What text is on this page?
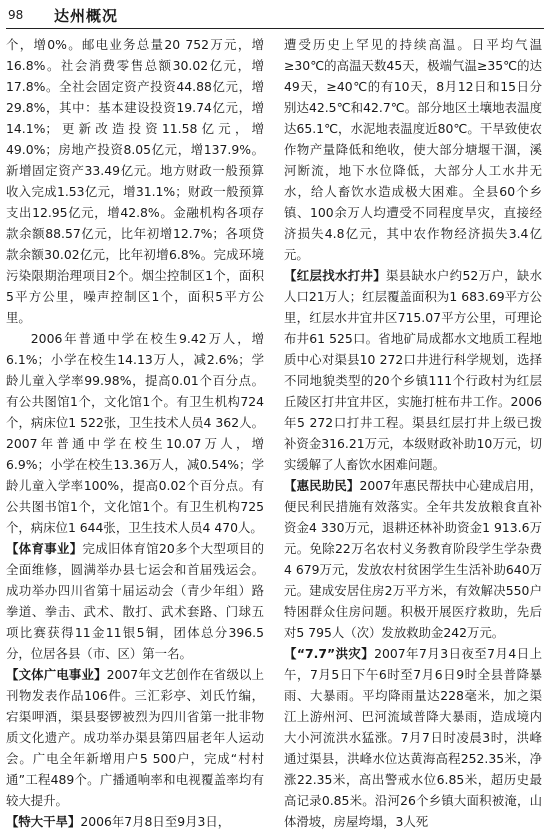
98 达州概况

个，增0%。邮电业务总量20 752万元，增16.8%。社会消费零售总额30.02亿元，增17.8%。全社会固定资产投资44.88亿元，增29.8%，其中：基本建设投资19.74亿元，增14.1%；更新改造投资11.58亿元，增49.0%；房地产投资8.05亿元，增137.9%。新增固定资产33.49亿元。地方财政一般预算收入完成1.53亿元，增31.1%；财政一般预算支出12.95亿元，增42.8%。金融机构各项存款余额88.57亿元，比年初增12.7%；各项贷款余额30.02亿元，比年初增6.8%。完成环境污染限期治理项目2个。烟尘控制区1个，面积5平方公里，噪声控制区1个，面积5平方公里。

2006年普通中学在校生9.42万人，增6.1%；小学在校生14.13万人，减2.6%；学龄儿童入学率99.98%，提高0.01个百分点。有公共图馆1个，文化馆1个。有卫生机构724个，病床位1 522张，卫生技术人员4 362人。2007年普通中学在校生10.07万人，增6.9%；小学在校生13.36万人，减0.54%；学龄儿童入学率100%，提高0.02个百分点。有公共图书馆1个，文化馆1个。有卫生机构725个，病床位1 644张，卫生技术人员4 470人。

【体育事业】完成旧体育馆20多个大型项目的全面维修，圆满举办县七运会和首届残运会。成功举办四川省第十届运动会（青少年组）路拳道、拳击、武术、散打、武术套路、门球五项比赛获得11金11银5铜，团体总分396.5分，位居各县（市、区）第一名。

【文体广电事业】2007年文艺创作在省级以上刊物发表作品106件。三汇彩亭、刘氏竹编，宕渠呷酒，渠县娶锣被烈为四川省第一批非物质文化遗产。成功举办渠县第四届老年人运动会。广电全年新增用户5 500户，完成“村村通”工程489个。广播通响率和电视覆盖率均有较大提升。

【特大干旱】2006年7月8日至9月3日，

遭受历史上罕见的持续高温。日平均气温≥30℃的高温天数45天，极端气温≥35℃的达49天，≥40℃的有10天，8月12日和15日分别达42.5℃和42.7℃。部分地区土壤地表温度达65.1℃，水泥地表温度近80℃。干旱致使农作物产量降低和绝收，使大部分塘堰干涸，溪河断流，地下水位降低，大部分人工水井无水，给人畜饮水造成极大困难。全县60个乡镇、100余万人均遭受不同程度旱灾，直接经济损失4.8亿元，其中农作物经济损失3.4亿元。

【红层找水打井】渠县缺水户约52万户，缺水人口21万人；红层覆盖面积为1 683.69平方公里，红层水井宜井区715.07平方公里，可理论布井61 525口。省地矿局成都水文地质工程地质中心对渠县10 272口井进行科学规划，选择不同地貌类型的20个乡镇111个行政村为红层丘陵区打井宜井区，实施打桩布井工作。2006年5 272口打井工程。渠县红层打井上级已拨补资金316.21万元，本级财政补助10万元，切实缓解了人畜饮水困难问题。

【惠民助民】2007年惠民帮扶中心建成启用，便民利民措施有效落实。全年共发放粮食直补资金4 330万元，退耕还林补助资金1 913.6万元。免除22万名农村义务教育阶段学生学杂费4 679万元，发放农村贫困学生生活补助640万元。建成安居住房2万平方米，有效解决550户特困群众住房问题。积极开展医疗救助，先后对5 795人（次）发放救助金242万元。

【“7.7”洪灾】2007年7月3日夜至7月4日上午，7月5日下午6时至7月6日9时全县普降暴雨、大暴雨。平均降雨量达228毫米，加之渠江上游州河、巴河流域普降大暴雨，造成境内大小河流洪水猛涨。7月7日时凌晨3时，洪峰通过渠县，洪峰水位达黄海高程252.35米，净涨22.35米，高出警戒水位6.85米，超历史最高记录0.85米。沿河26个乡镇大面积被淹，山体滑坡，房屋垮塌，3人死
